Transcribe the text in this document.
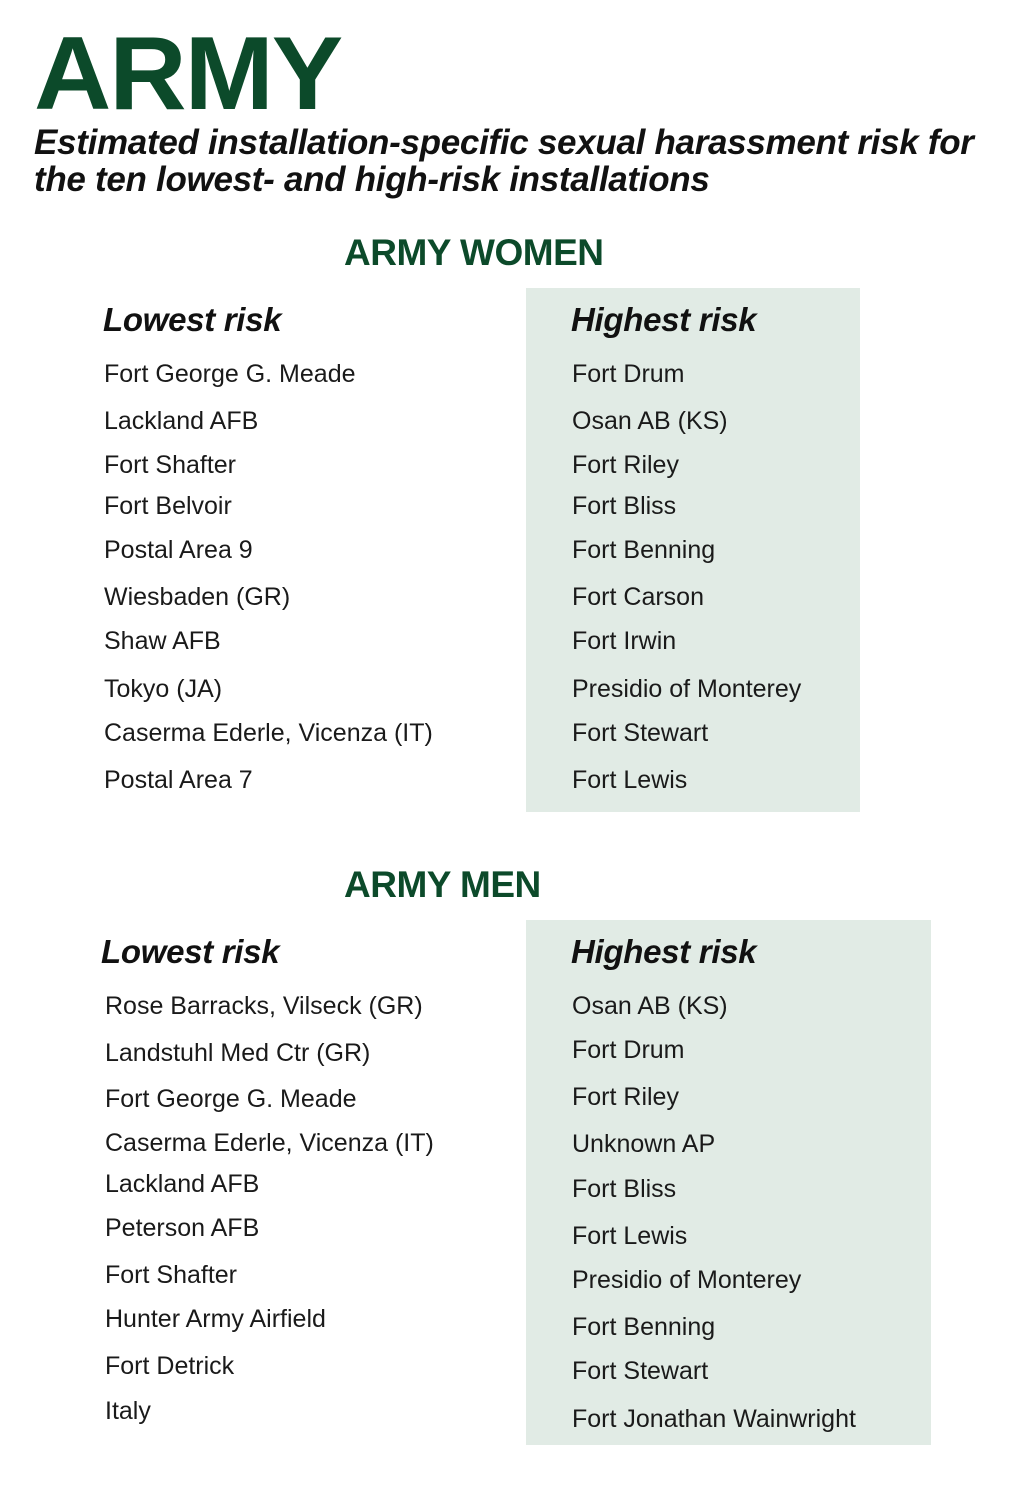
ARMY

Estimated installation-specific sexual harassment risk for the ten lowest- and high-risk installations

ARMY WOMEN
Lowest risk	Highest risk
Fort George G. Meade
Lackland AFB
Fort Shafter
Fort Belvoir
Postal Area 9
Wiesbaden (GR)
Shaw AFB
Tokyo (JA)
Caserma Ederle, Vicenza (IT)
Postal Area 7
Fort Drum
Osan AB (KS)
Fort Riley
Fort Bliss
Fort Benning
Fort Carson
Fort Irwin
Presidio of Monterey
Fort Stewart
Fort Lewis
ARMY MEN
Lowest risk	Highest risk
Rose Barracks, Vilseck (GR)
Landstuhl Med Ctr (GR)
Fort George G. Meade
Caserma Ederle, Vicenza (IT)
Lackland AFB
Peterson AFB
Fort Shafter
Hunter Army Airfield
Fort Detrick
Italy
Osan AB (KS)
Fort Drum
Fort Riley
Unknown AP
Fort Bliss
Fort Lewis
Presidio of Monterey
Fort Benning
Fort Stewart
Fort Jonathan Wainwright
